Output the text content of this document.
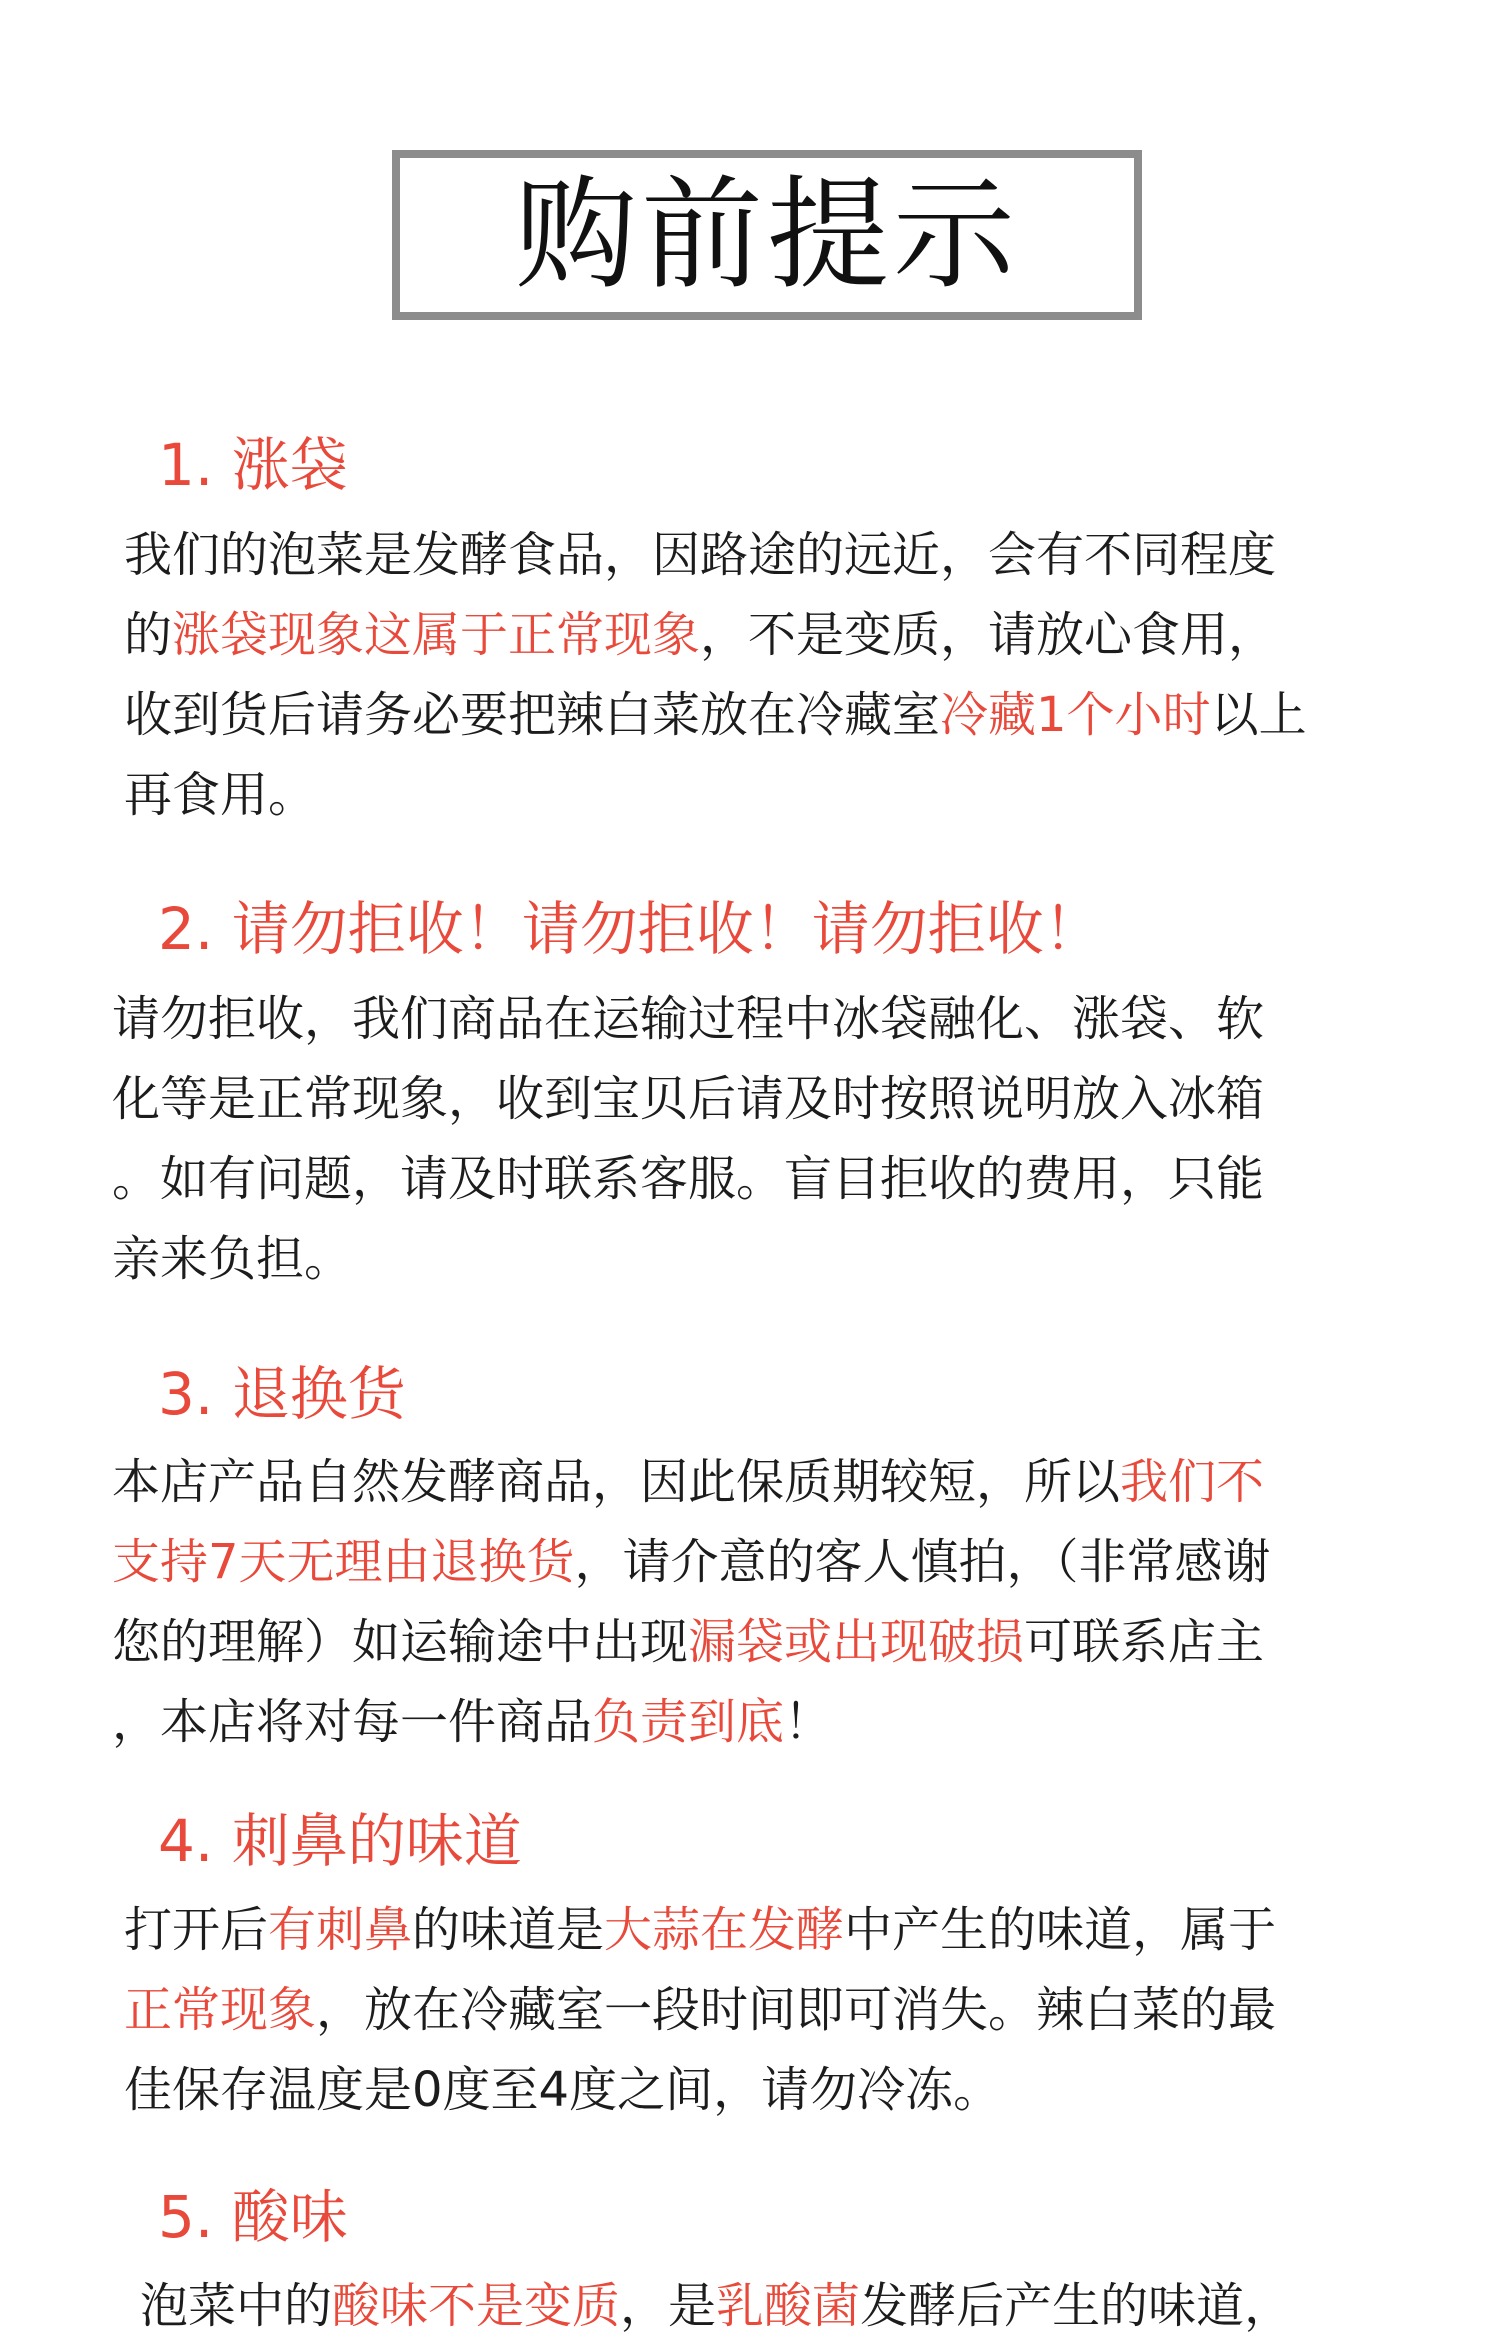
购前提示
1. 涨袋
我们的泡菜是发酵食品，因路途的远近，会有不同程度
的涨袋现象这属于正常现象，不是变质，请放心食用，
收到货后请务必要把辣白菜放在冷藏室冷藏1个小时以上
再食用。
2. 请勿拒收！请勿拒收！请勿拒收！
请勿拒收，我们商品在运输过程中冰袋融化、涨袋、软
化等是正常现象，收到宝贝后请及时按照说明放入冰箱
。如有问题，请及时联系客服。盲目拒收的费用，只能
亲来负担。
3. 退换货
本店产品自然发酵商品，因此保质期较短，所以我们不
支持7天无理由退换货，请介意的客人慎拍，（非常感谢
您的理解）如运输途中出现漏袋或出现破损可联系店主
，本店将对每一件商品负责到底！
4. 刺鼻的味道
打开后有刺鼻的味道是大蒜在发酵中产生的味道，属于
正常现象，放在冷藏室一段时间即可消失。辣白菜的最
佳保存温度是0度至4度之间，请勿冷冻。
5. 酸味
泡菜中的酸味不是变质，是乳酸菌发酵后产生的味道，
